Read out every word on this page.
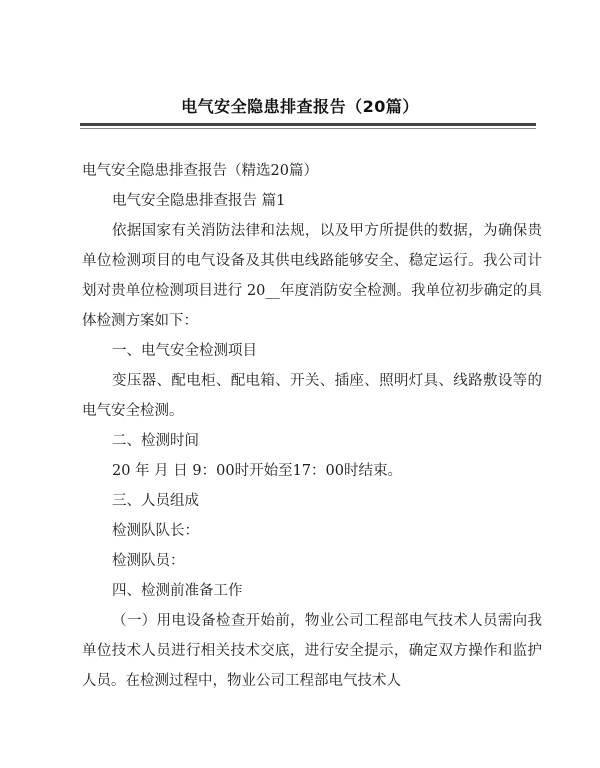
电气安全隐患排查报告（20篇）

电气安全隐患排查报告（精选20篇）

电气安全隐患排查报告 篇1

依据国家有关消防法律和法规，以及甲方所提供的数据，为确保贵单位检测项目的电气设备及其供电线路能够安全、稳定运行。我公司计划对贵单位检测项目进行 20__年度消防安全检测。我单位初步确定的具体检测方案如下：

一、电气安全检测项目

变压器、配电柜、配电箱、开关、插座、照明灯具、线路敷设等的电气安全检测。

二、检测时间

20 年 月 日 9：00时开始至17：00时结束。

三、人员组成

检测队队长：

检测队员：

四、检测前准备工作

（一）用电设备检查开始前，物业公司工程部电气技术人员需向我单位技术人员进行相关技术交底，进行安全提示，确定双方操作和监护人员。在检测过程中，物业公司工程部电气技术人
